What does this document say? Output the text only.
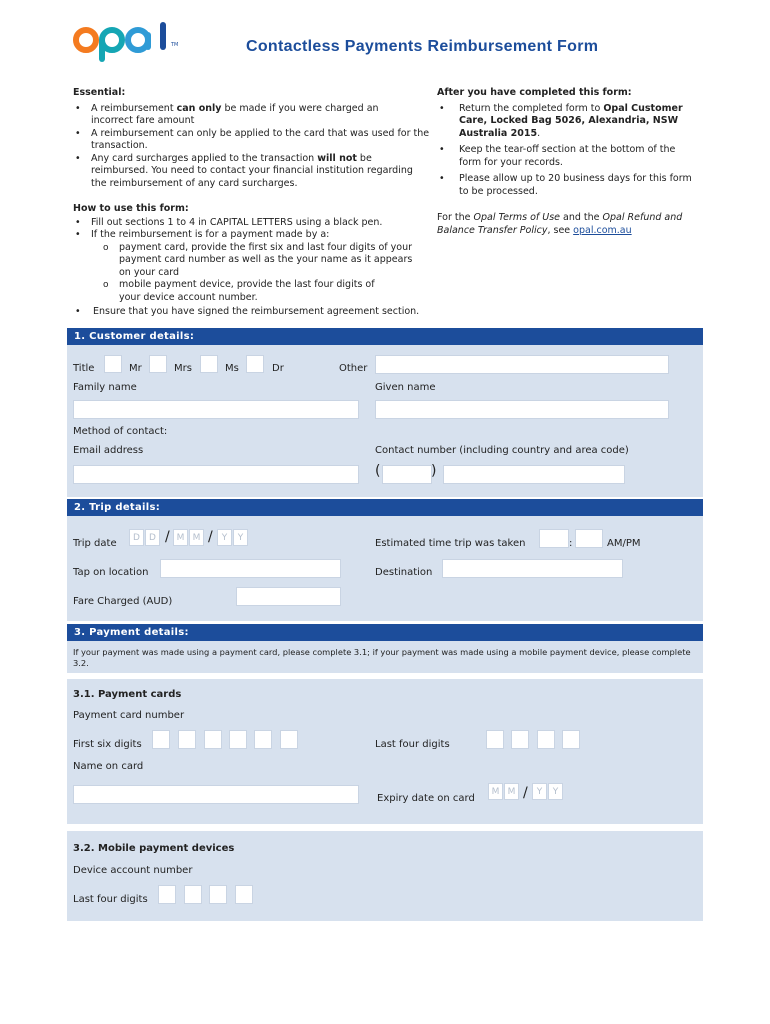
TM	Contactless Payments Reimbursement Form
Essential:
• A reimbursement can only be made if you were charged an incorrect fare amount
• A reimbursement can only be applied to the card that was used for the transaction.
• Any card surcharges applied to the transaction will not be reimbursed. You need to contact your financial institution regarding the reimbursement of any card surcharges.
After you have completed this form:
• Return the completed form to Opal Customer Care, Locked Bag 5026, Alexandria, NSW Australia 2015.
• Keep the tear-off section at the bottom of the form for your records.
• Please allow up to 20 business days for this form to be processed.
For the Opal Terms of Use and the Opal Refund and Balance Transfer Policy, see opal.com.au
How to use this form:
• Fill out sections 1 to 4 in CAPITAL LETTERS using a black pen.
• If the reimbursement is for a payment made by a:
o payment card, provide the first six and last four digits of your payment card number as well as the your name as it appears on your card
o mobile payment device, provide the last four digits of your device account number.
• Ensure that you have signed the reimbursement agreement section.
1. Customer details:
Title	Mr	Mrs	Ms	Dr	Other
Family name	Given name
Method of contact:
Email address	Contact number (including country and area code)
(	)
2. Trip details:
Trip date	D	D / M M /	Y	Y	Estimated time trip was taken	:	AM/PM
Tap on location	Destination
Fare Charged (AUD)
3. Payment details:
If your payment was made using a payment card, please complete 3.1; if your payment was made using a mobile payment device, please complete 3.2.
3.1. Payment cards
Payment card number
First six digits	Last four digits
Name on card
Expiry date on card
M M /	Y	Y
3.2. Mobile payment devices
Device account number
Last four digits
